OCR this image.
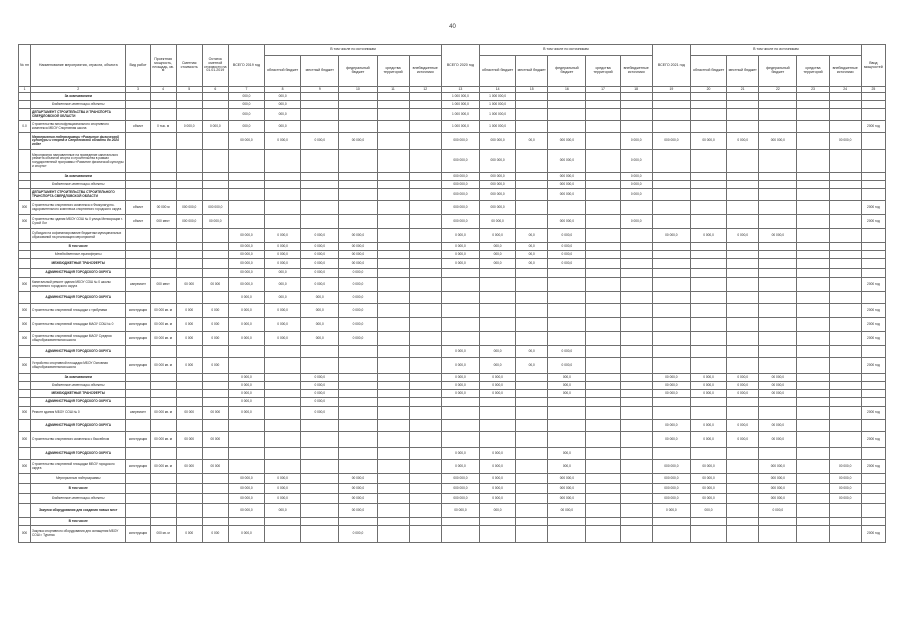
40
№ пп	Наименование мероприятия, отрасли, объекта	Вид работ	Проектная мощность, площадь, кв. м	Сметная стоимость	Остаток сметной стоимости на 01.01.2019	ВСЕГО 2019 год	В том числе по источникам					ВСЕГО 2020 год	В том числе по источникам					ВСЕГО 2021 год	В том числе по источникам					Ввод мощностей
							областной бюджет	местный бюджет	федеральный бюджет	средства территорий	внебюджетные источники		областной бюджет	местный бюджет	федеральный бюджет	средства территорий	внебюджетные источники		областной бюджет	местный бюджет	федеральный бюджет	средства территорий	внебюджетные источники	
1	2	3	4	5	6	7	8	9	10	11	12	13	14	15	16	17	18	19	20	21	22	23	24	25
	За оканчиванием					000,0	000,0					1 000 000,0	1 000 000,0											
	Бюджетные инвестиции объекты					000,0	000,0					1 000 000,0	1 000 000,0											
	ДЕПАРТАМЕНТ СТРОИТЕЛЬСТВА И ТРАНСПОРТА СВЕРДЛОВСКОЙ ОБЛАСТИ					000,0	000,0					1 000 000,0	1 000 000,0											
0.0	Строительство многофункционального спортивного комплекса МБОУ Спортивная школа	объект	0 тыс. м	0 000,0	0 000,0	000,0	000,0					1 000 000,0	1 000 000,0											2000 год
	Мероприятия подпрограммы «Развитие физической культуры и спорта в Свердловской области до 2024 года»					00 000,0	0 000,0	0 000,0	00 000,0			000 000,0	000 000,0	00,0	000 000,0		0 000,0	000 000,0	00 000,0	0 000,0	000 000,0		00 000,0	
	Мероприятия направленные на проведение капитального ремонта объектов спорта и строительства в рамках государственной программы «Развитие физической культуры и спорта»											000 000,0	000 000,0		000 000,0		0 000,0							
	За оканчиванием											000 000,0	000 000,0		000 000,0		0 000,0							
	Бюджетные инвестиции объекты											000 000,0	000 000,0		000 000,0		0 000,0							
	ДЕПАРТАМЕНТ СТРОИТЕЛЬСТВА СТРОИТЕЛЬНОГО ТРАНСПОРТА СВЕРДЛОВСКОЙ ОБЛАСТИ											000 000,0	000 000,0		000 000,0		0 000,0							
000	Строительство спортивного комплекса и Физкультурно-оздоровительного комплекса спортивного городского округа	объект	00 000 м	000 000,0	000 000,0							000 000,0	000 000,0											2000 год
000	Строительство здания МБОУ СОШ № 0 улица Мелиорации г. Сухой Лог	объект	000 мест	000 000,0	00 000,0							000 000,0	00 000,0		000 000,0		0 000,0							2000 год
	Субсидии на софинансирование бюджетам муниципальных образований на реализацию мероприятий					00 000,0	0 000,0	0 000,0	00 000,0			0 000,0	0 000,0	00,0	0 000,0			00 000,0	0 000,0	0 000,0	00 000,0			
	В том числе					00 000,0	0 000,0	0 000,0	00 000,0			0 000,0	000,0	00,0	0 000,0									
	Межбюджетные трансферты					00 000,0	0 000,0	0 000,0	00 000,0			0 000,0	000,0	00,0	0 000,0									
	МЕЖБЮДЖЕТНЫЕ ТРАНСФЕРТЫ					00 000,0	0 000,0	0 000,0	00 000,0			0 000,0	000,0	00,0	0 000,0									
	АДМИНИСТРАЦИЯ ГОРОДСКОГО ОКРУГА					00 000,0	000,0	0 000,0	0 000,0															
000	Капитальный ремонт здания МБОУ СОШ № 0 школы спортивного городского округа	капремонт	000 мест	00 000	00 000	00 000,0	000,0	0 000,0	0 000,0															2000 год
	АДМИНИСТРАЦИЯ ГОРОДСКОГО ОКРУГА					0 000,0	000,0	000,0	0 000,0															
000	Строительство спортивной площадки с трибунами	конструкция	00 000 кв. м	0 000	0 000	0 000,0	0 000,0	000,0	0 000,0															2000 год
000	Строительство спортивной площадки МАОУ СОШ № 0	конструкция	00 000 кв. м	0 000	0 000	0 000,0	0 000,0	000,0	0 000,0															2000 год
000	Строительство спортивной площадки МАОУ Средняя общеобразовательная школа	конструкция	00 000 кв. м	0 000	0 000	0 000,0	0 000,0	000,0	0 000,0															2000 год
	АДМИНИСТРАЦИЯ ГОРОДСКОГО ОКРУГА											0 000,0	000,0	00,0	0 000,0									
000	Устройство спортивной площадки МБОУ Основная общеобразовательная школа	конструкция	00 000 кв. м	0 000	0 000							0 000,0	000,0	00,0	0 000,0									2000 год
	За оканчиванием					0 000,0		0 000,0				0 000,0	0 000,0		000,0			00 000,0	0 000,0	0 000,0	00 000,0			
	Бюджетные инвестиции объекты					0 000,0		0 000,0				0 000,0	0 000,0		000,0			00 000,0	0 000,0	0 000,0	00 000,0			
	МЕЖБЮДЖЕТНЫЕ ТРАНСФЕРТЫ					0 000,0		0 000,0				0 000,0	0 000,0		000,0			00 000,0	0 000,0	0 000,0	00 000,0			
	АДМИНИСТРАЦИЯ ГОРОДСКОГО ОКРУГА					0 000,0		0 000,0																
000	Ремонт здания МБОУ СОШ № 0	капремонт	00 000 кв. м	00 000	00 000	0 000,0		0 000,0																2000 год
	АДМИНИСТРАЦИЯ ГОРОДСКОГО ОКРУГА																	00 000,0	0 000,0	0 000,0	00 000,0			
000	Строительство спортивного комплекса с бассейном	конструкция	00 000 кв. м	00 000	00 000													00 000,0	0 000,0	0 000,0	00 000,0			2000 год
	АДМИНИСТРАЦИЯ ГОРОДСКОГО ОКРУГА											0 000,0	0 000,0		000,0									
000	Строительство спортивной площадки МБОУ городского округа	конструкция	00 000 кв. м	00 000	00 000							0 000,0	0 000,0		000,0			000 000,0	00 000,0		000 000,0		00 000,0	2000 год
	Мероприятия подпрограммы					00 000,0	0 000,0		00 000,0			000 000,0	0 000,0		000 000,0			000 000,0	00 000,0		000 000,0		00 000,0	
	В том числе					00 000,0	0 000,0		00 000,0			000 000,0	0 000,0		000 000,0			000 000,0	00 000,0		000 000,0		00 000,0	
	Бюджетные инвестиции объекты					00 000,0	0 000,0		00 000,0			000 000,0	0 000,0		000 000,0			000 000,0	00 000,0		000 000,0		00 000,0	
	Закупки оборудования для создания новых мест					00 000,0	000,0		00 000,0			00 000,0	000,0		00 000,0			0 000,0	000,0		0 000,0			
	В том числе																							
000	Закупка спортивного оборудования для оснащения МБОУ СОШ г. Туринск	конструкция	000 кв. м	0 000	0 000	0 000,0			0 000,0															2000 год
